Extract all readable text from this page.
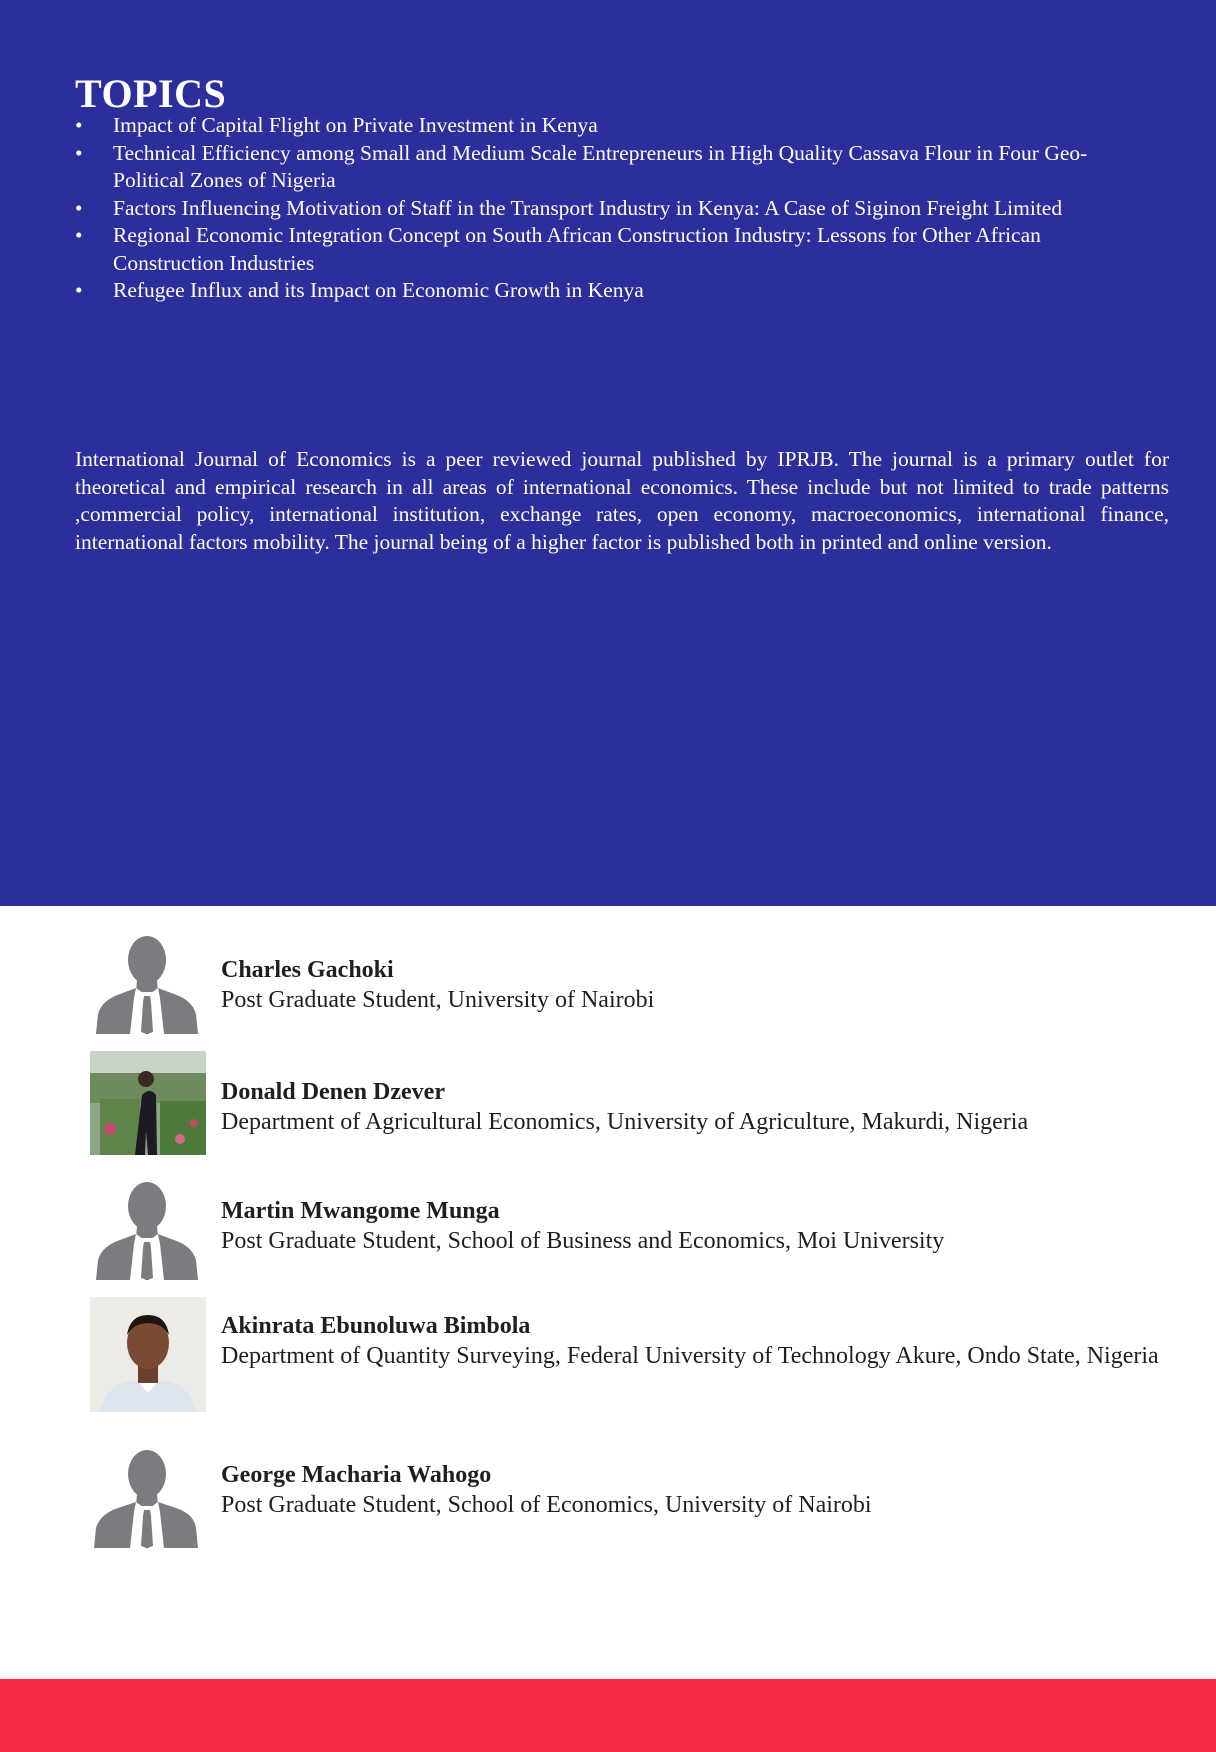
TOPICS
• Impact of Capital Flight on Private Investment in Kenya
• Technical Efficiency among Small and Medium Scale Entrepreneurs in High Quality Cassava Flour in Four Geo-Political Zones of Nigeria
• Factors Influencing Motivation of Staff in the Transport Industry in Kenya: A Case of Siginon Freight Limited
• Regional Economic Integration Concept on South African Construction Industry: Lessons for Other African Construction Industries
• Refugee Influx and its Impact on Economic Growth in Kenya

International Journal of Economics is a peer reviewed journal published by IPRJB. The journal is a primary outlet for theoretical and empirical research in all areas of international economics. These include but not limited to trade patterns ,commercial policy, international institution, exchange rates, open economy, macroeconomics, international finance, international factors mobility. The journal being of a higher factor is published both in printed and online version.

Charles Gachoki
Post Graduate Student, University of Nairobi
Donald Denen Dzever
Department of Agricultural Economics, University of Agriculture, Makurdi, Nigeria
Martin Mwangome Munga
Post Graduate Student, School of Business and Economics, Moi University
Akinrata Ebunoluwa Bimbola
Department of Quantity Surveying, Federal University of Technology Akure, Ondo State, Nigeria
George Macharia Wahogo
Post Graduate Student, School of Economics, University of Nairobi
